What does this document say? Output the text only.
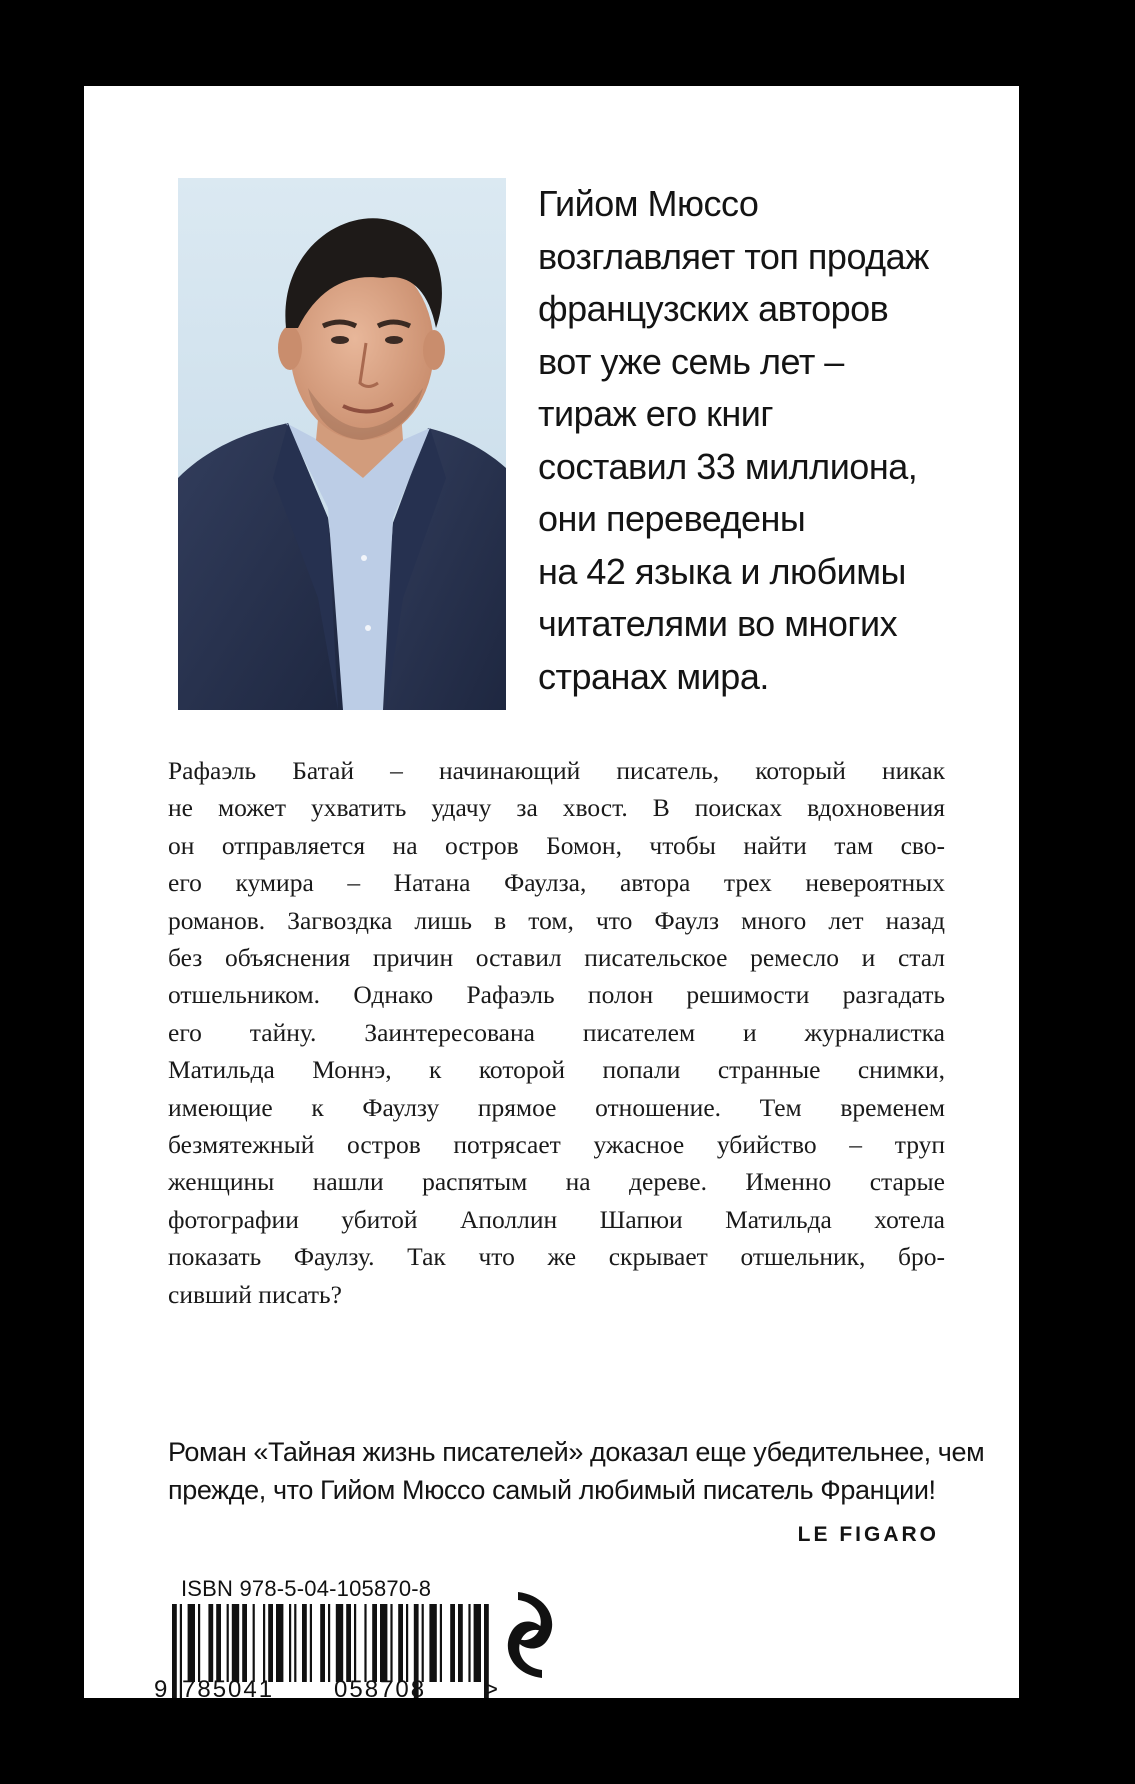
Гийом Мюссо
возглавляет топ продаж
французских авторов
вот уже семь лет –
тираж его книг
составил 33 миллиона,
они переведены
на 42 языка и любимы
читателями во многих
странах мира.
Рафаэль Батай – начинающий писатель, который никак
не может ухватить удачу за хвост. В поисках вдохновения
он отправляется на остров Бомон, чтобы найти там сво-
его кумира – Натана Фаулза, автора трех невероятных
романов. Загвоздка лишь в том, что Фаулз много лет назад
без объяснения причин оставил писательское ремесло и стал
отшельником. Однако Рафаэль полон решимости разгадать
его тайну. Заинтересована писателем и журналистка
Матильда Моннэ, к которой попали странные снимки,
имеющие к Фаулзу прямое отношение. Тем временем
безмятежный остров потрясает ужасное убийство – труп
женщины нашли распятым на дереве. Именно старые
фотографии убитой Аполлин Шапюи Матильда хотела
показать Фаулзу. Так что же скрывает отшельник, бро-
сивший писать?
Роман «Тайная жизнь писателей» доказал еще убедительнее, чем
прежде, что Гийом Мюссо самый любимый писатель Франции!
LE FIGARO
ISBN 978-5-04-105870-8
9 785041 058708 >
